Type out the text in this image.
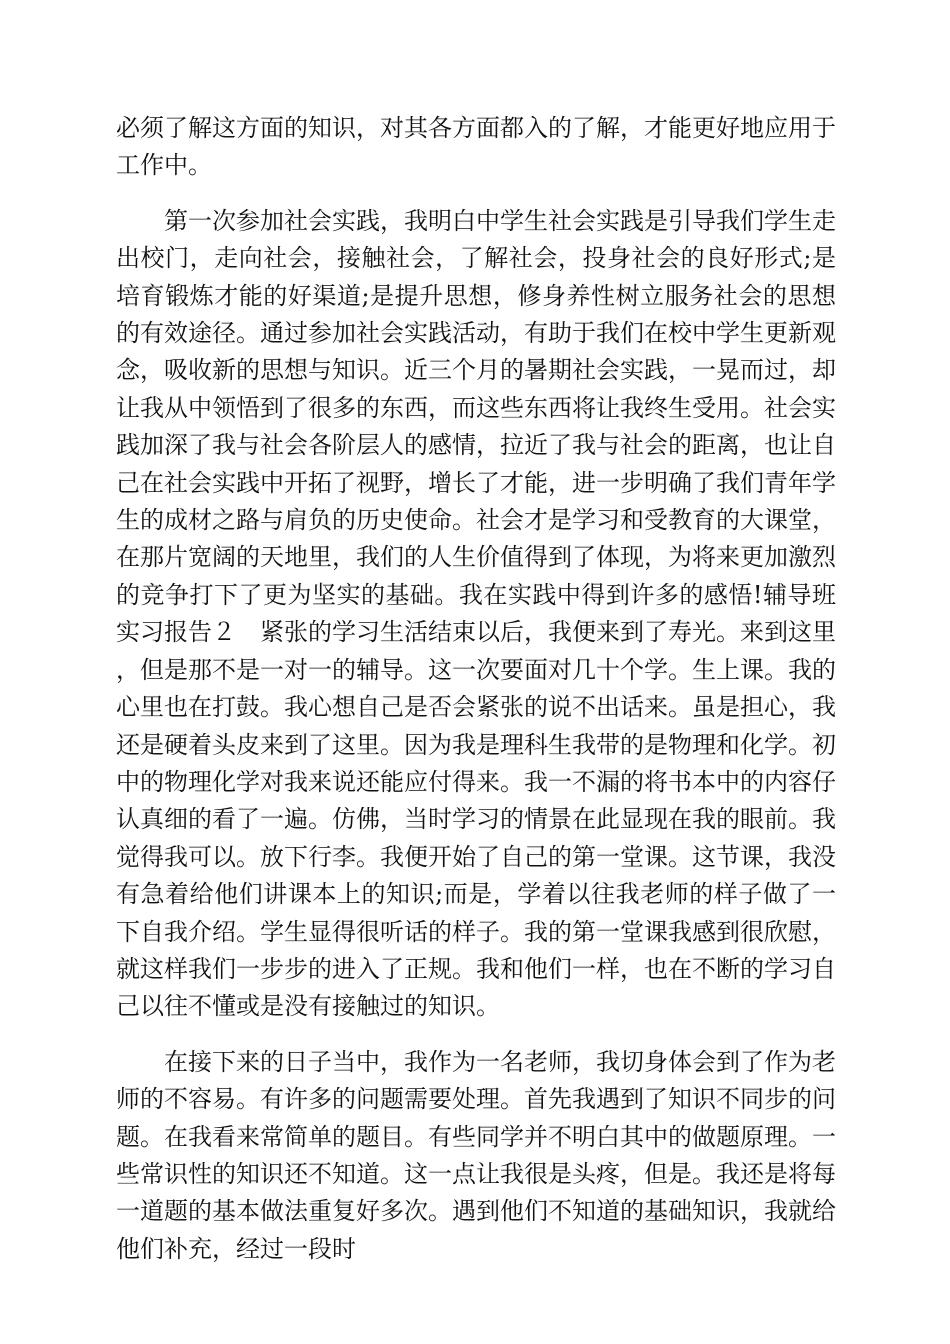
必须了解这方面的知识，对其各方面都入的了解，才能更好地应用于工作中。

第一次参加社会实践，我明白中学生社会实践是引导我们学生走出校门，走向社会，接触社会，了解社会，投身社会的良好形式;是培育锻炼才能的好渠道;是提升思想，修身养性树立服务社会的思想的有效途径。通过参加社会实践活动，有助于我们在校中学生更新观念，吸收新的思想与知识。近三个月的暑期社会实践，一晃而过，却让我从中领悟到了很多的东西，而这些东西将让我终生受用。社会实践加深了我与社会各阶层人的感情，拉近了我与社会的距离，也让自己在社会实践中开拓了视野，增长了才能，进一步明确了我们青年学生的成材之路与肩负的历史使命。社会才是学习和受教育的大课堂，在那片宽阔的天地里，我们的人生价值得到了体现，为将来更加激烈的竞争打下了更为坚实的基础。我在实践中得到许多的感悟!辅导班实习报告２　紧张的学习生活结束以后，我便来到了寿光。来到这里，但是那不是一对一的辅导。这一次要面对几十个学。生上课。我的心里也在打鼓。我心想自己是否会紧张的说不出话来。虽是担心，我还是硬着头皮来到了这里。因为我是理科生我带的是物理和化学。初中的物理化学对我来说还能应付得来。我一不漏的将书本中的内容仔认真细的看了一遍。仿佛，当时学习的情景在此显现在我的眼前。我觉得我可以。放下行李。我便开始了自己的第一堂课。这节课，我没有急着给他们讲课本上的知识;而是，学着以往我老师的样子做了一下自我介绍。学生显得很听话的样子。我的第一堂课我感到很欣慰，就这样我们一步步的进入了正规。我和他们一样，也在不断的学习自己以往不懂或是没有接触过的知识。

在接下来的日子当中，我作为一名老师，我切身体会到了作为老师的不容易。有许多的问题需要处理。首先我遇到了知识不同步的问题。在我看来常简单的题目。有些同学并不明白其中的做题原理。一些常识性的知识还不知道。这一点让我很是头疼，但是。我还是将每一道题的基本做法重复好多次。遇到他们不知道的基础知识，我就给他们补充，经过一段时
